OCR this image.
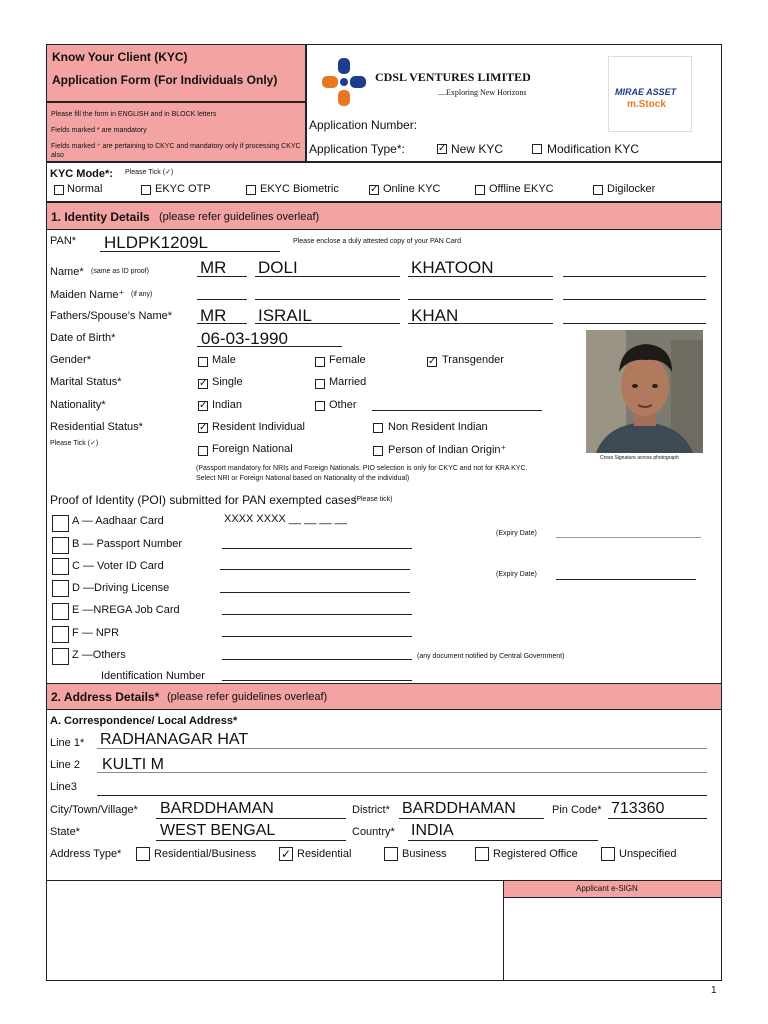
Know Your Client (KYC)
Application Form (For Individuals Only)
Please fill the form in ENGLISH and in BLOCK letters
Fields marked * are mandatory
Fields marked ⁺ are pertaining to CKYC and mandatory only if processing CKYC also
CDSL VENTURES LIMITED
....Exploring New Horizons	MIRAE ASSET
m.Stock
Application Number:
Application Type*:	✓ New KYC	Modification KYC
KYC Mode*: Please Tick (✓)
Normal	EKYC OTP	EKYC Biometric	✓ Online KYC	Offline EKYC	Digilocker
1. Identity Details (please refer guidelines overleaf)
PAN* HLDPK1209L	Please enclose a duly attested copy of your PAN Card
Name* (same as ID proof)	MR DOLI	KHATOON
Maiden Name⁺ (if any)
Fathers/Spouse’s Name* MR ISRAIL	KHAN
Date of Birth*	06-03-1990
Gender*	Male	Female	✓ Transgender
Marital Status*	✓ Single	Married
Nationality*	✓ Indian	Other
Residential Status*
Please Tick (✓)
✓ Resident Individual	Non Resident Indian
Foreign National	Person of Indian Origin⁺
(Passport mandatory for NRIs and Foreign Nationals. PIO selection is only for CKYC and not for KRA KYC.
Select NRI or Foreign National based on Nationality of the individual)
Cross Signature across photograph
Proof of Identity (POI) submitted for PAN exempted cases
(Please tick)
A — Aadhaar Card	XXXX XXXX __ __ __ __
(Expiry Date)
B — Passport Number
C — Voter ID Card
(Expiry Date)
D —Driving License
E —NREGA Job Card
F — NPR
Z —Others	(any document notified by Central Government)
Identification Number
2. Address Details* (please refer guidelines overleaf)
A. Correspondence/ Local Address*
Line 1* RADHANAGAR HAT
Line 2 KULTI M
Line3
City/Town/Village* BARDDHAMAN	District* BARDDHAMAN	Pin Code* 713360
State*	WEST BENGAL	Country* INDIA
Address Type*	Residential/Business ✓ Residential	Business	Registered Office	Unspecified
Applicant e-SIGN
1
